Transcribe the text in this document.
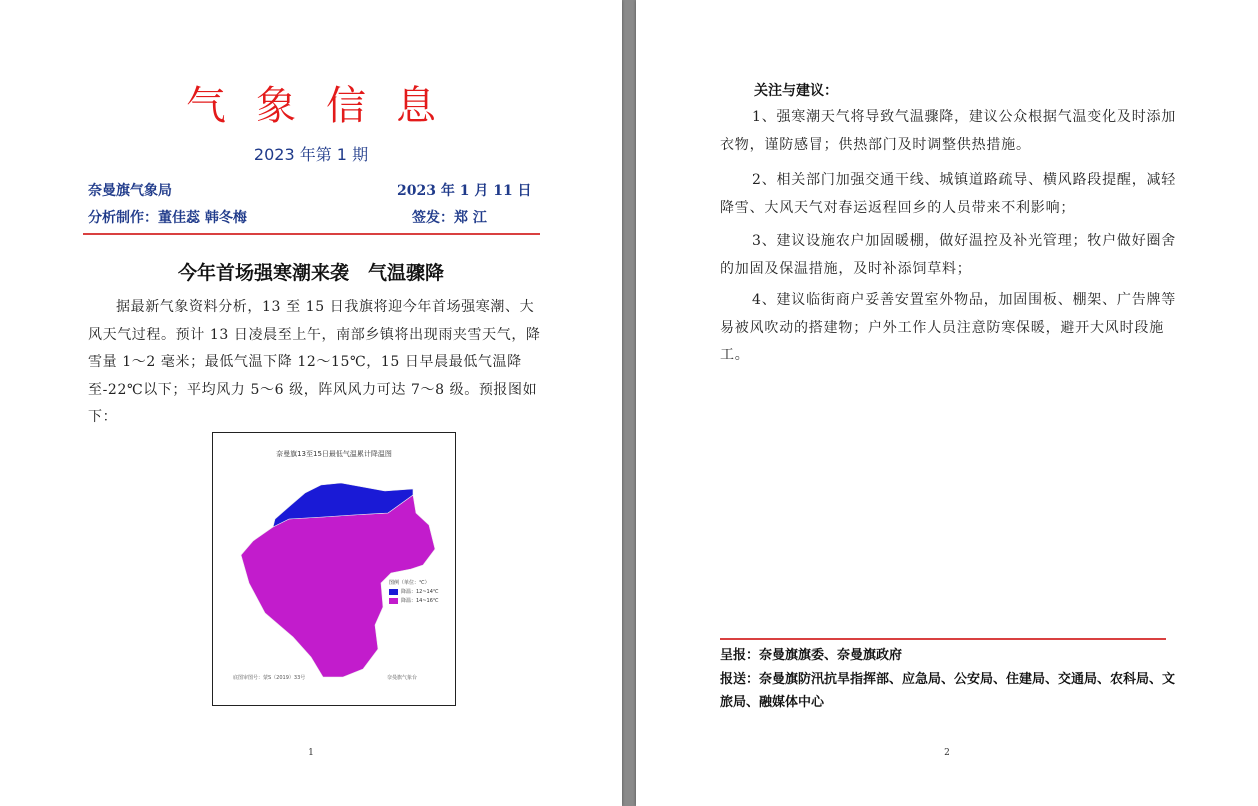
气象信息
2023 年第 1 期
奈曼旗气象局	2023 年 1 月 11 日
分析制作：董佳蕊 韩冬梅	签发：郑 江
今年首场强寒潮来袭　气温骤降
据最新气象资料分析，13 至 15 日我旗将迎今年首场强寒潮、大风天气过程。预计 13 日凌晨至上午，南部乡镇将出现雨夹雪天气，降雪量 1～2 毫米；最低气温下降 12～15℃，15 日早晨最低气温降至-22℃以下；平均风力 5～6 级，阵风风力可达 7～8 级。预报图如下：
奈曼旗13至15日最低气温累计降温图
图例（单位：℃）
降温：12~14℃
降温：14~16℃
底图审图号：蒙S（2019）33号	奈曼旗气象台
1	2
关注与建议：
1、强寒潮天气将导致气温骤降，建议公众根据气温变化及时添加衣物，谨防感冒；供热部门及时调整供热措施。
2、相关部门加强交通干线、城镇道路疏导、横风路段提醒，减轻降雪、大风天气对春运返程回乡的人员带来不利影响；
3、建议设施农户加固暖棚，做好温控及补光管理；牧户做好圈舍的加固及保温措施，及时补添饲草料；
4、建议临街商户妥善安置室外物品，加固围板、棚架、广告牌等易被风吹动的搭建物；户外工作人员注意防寒保暖，避开大风时段施工。
呈报：奈曼旗旗委、奈曼旗政府
报送：奈曼旗防汛抗旱指挥部、应急局、公安局、住建局、交通局、农科局、文旅局、融媒体中心
